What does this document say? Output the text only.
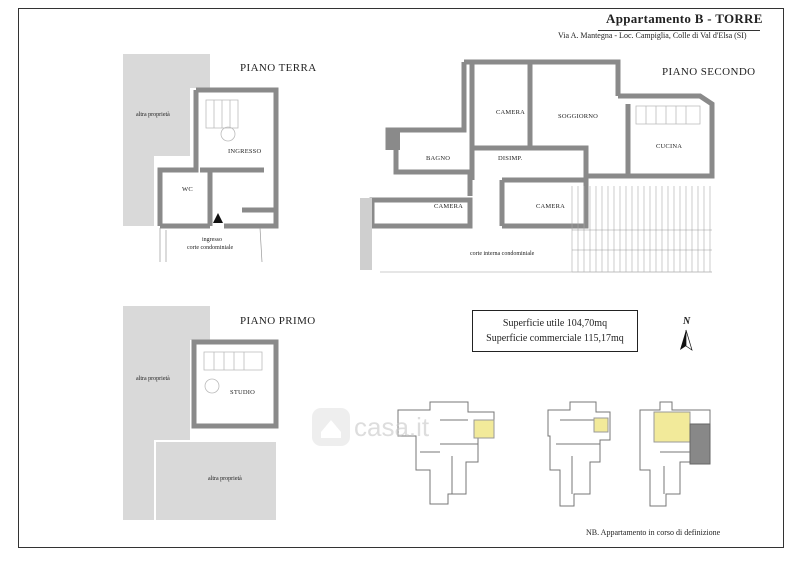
Appartamento B - TORRE
Via A. Mantegna - Loc. Campiglia, Colle di Val d'Elsa (SI)
PIANO TERRA	PIANO SECONDO
PIANO PRIMO
altra proprietà
INGRESSO
WC
ingresso
corte condominiale
CAMERA
SOGGIORNO
CUCINA
BAGNO	DISIMP.
CAMERA	CAMERA
corte interna condominiale
altra proprietà
STUDIO
altra proprietà
Superficie utile 104,70mq
Superficie commerciale 115,17mq
N
casa.it
NB. Appartamento in corso di definizione
